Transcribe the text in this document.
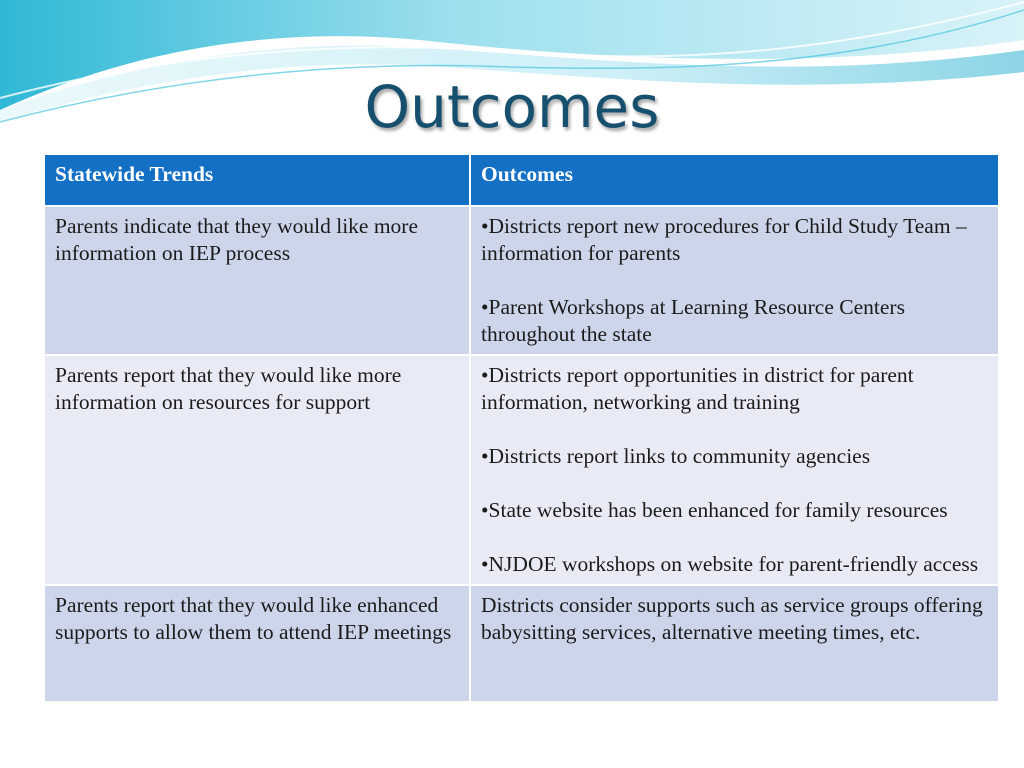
Outcomes
Statewide Trends	Outcomes
Parents indicate that they would like more information on IEP process	•Districts report new procedures for Child Study Team – information for parents
•Parent Workshops at Learning Resource Centers throughout the state

Parents report that they would like more information on resources for support	•Districts report opportunities in district for parent information, networking and training
•Districts report links to community agencies
•State website has been enhanced for family resources
•NJDOE workshops on website for parent-friendly access

Parents report that they would like enhanced supports to allow them to attend IEP meetings	Districts consider supports such as service groups offering babysitting services, alternative meeting times, etc.
